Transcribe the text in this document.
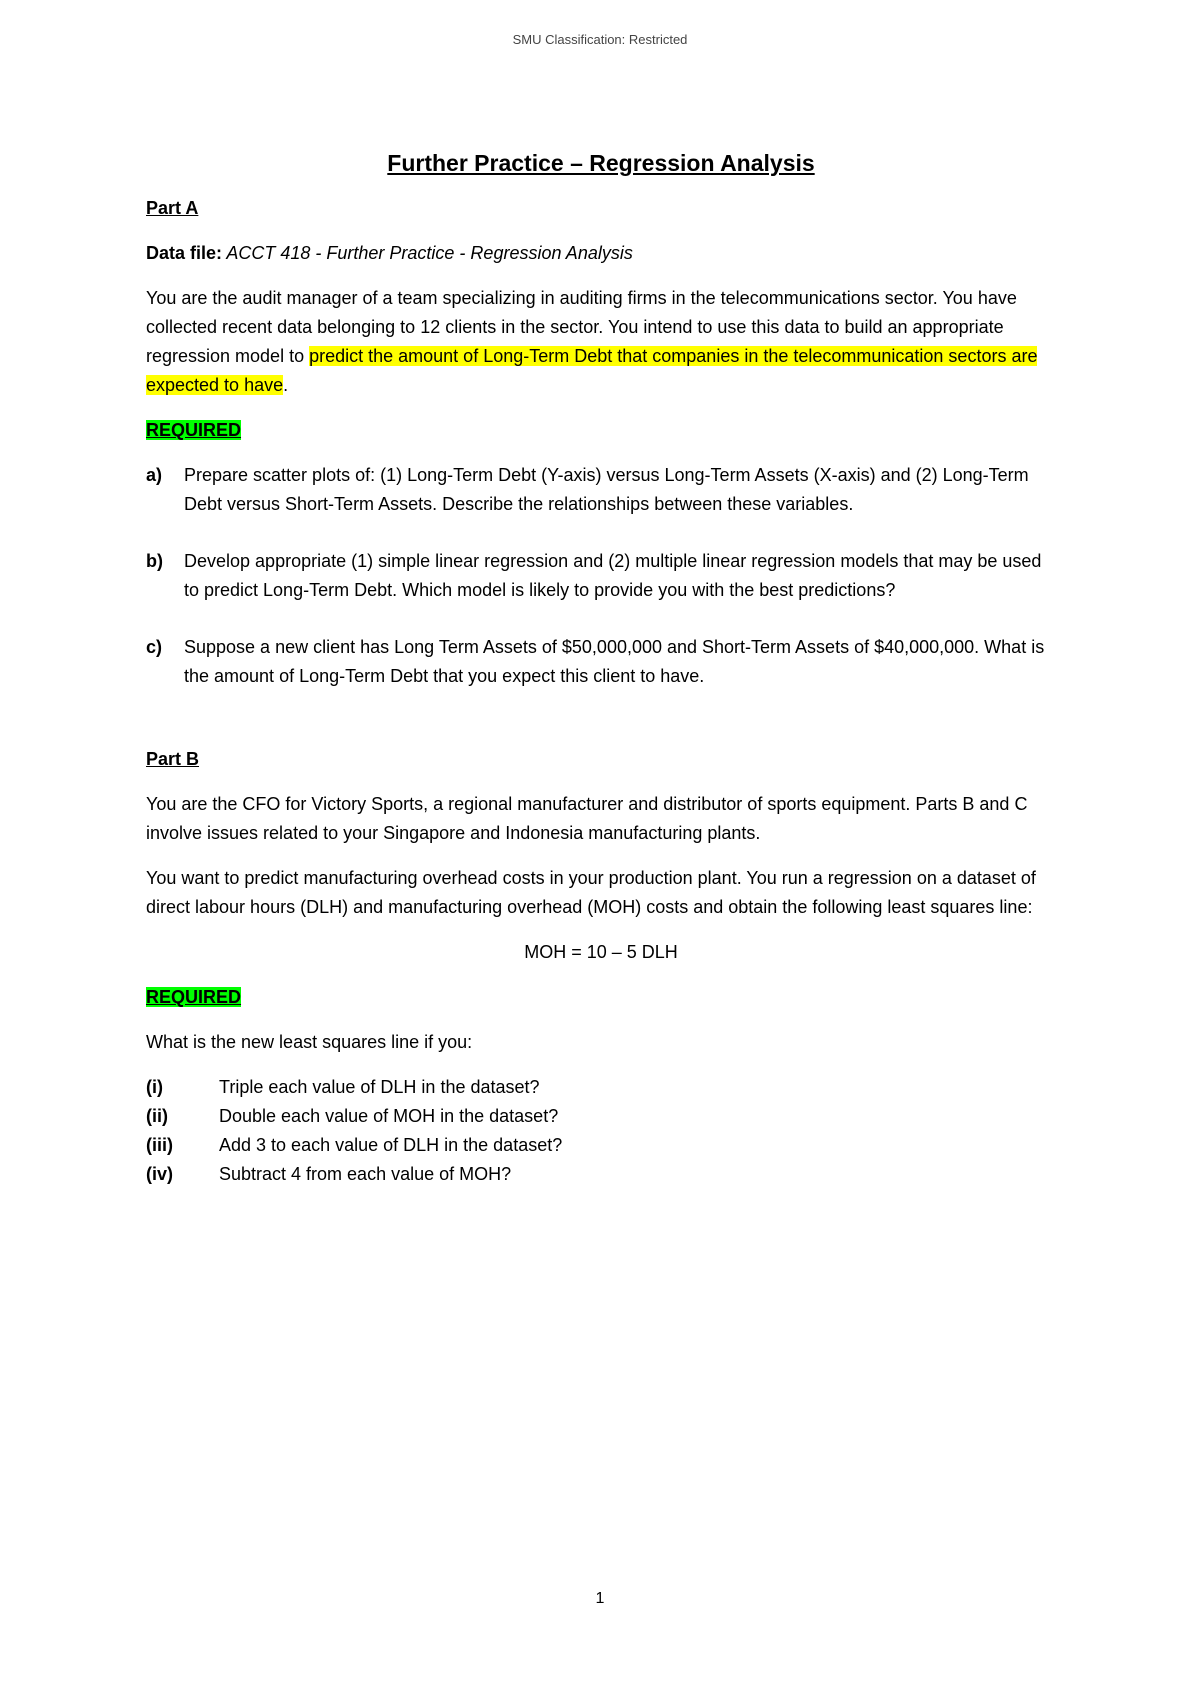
SMU Classification: Restricted
Further Practice – Regression Analysis
Part A

Data file: ACCT 418 - Further Practice - Regression Analysis

You are the audit manager of a team specializing in auditing firms in the telecommunications sector. You have collected recent data belonging to 12 clients in the sector. You intend to use this data to build an appropriate regression model to predict the amount of Long-Term Debt that companies in the telecommunication sectors are expected to have.

REQUIRED

a) Prepare scatter plots of: (1) Long-Term Debt (Y-axis) versus Long-Term Assets (X-axis) and (2) Long-Term Debt versus Short-Term Assets. Describe the relationships between these variables.
b) Develop appropriate (1) simple linear regression and (2) multiple linear regression models that may be used to predict Long-Term Debt. Which model is likely to provide you with the best predictions?
c) Suppose a new client has Long Term Assets of $50,000,000 and Short-Term Assets of $40,000,000. What is the amount of Long-Term Debt that you expect this client to have.
Part B

You are the CFO for Victory Sports, a regional manufacturer and distributor of sports equipment. Parts B and C involve issues related to your Singapore and Indonesia manufacturing plants.

You want to predict manufacturing overhead costs in your production plant. You run a regression on a dataset of direct labour hours (DLH) and manufacturing overhead (MOH) costs and obtain the following least squares line:

MOH = 10 – 5 DLH

REQUIRED

What is the new least squares line if you:

(i)	Triple each value of DLH in the dataset?
(ii)	Double each value of MOH in the dataset?
(iii)	Add 3 to each value of DLH in the dataset?
(iv)	Subtract 4 from each value of MOH?
1
